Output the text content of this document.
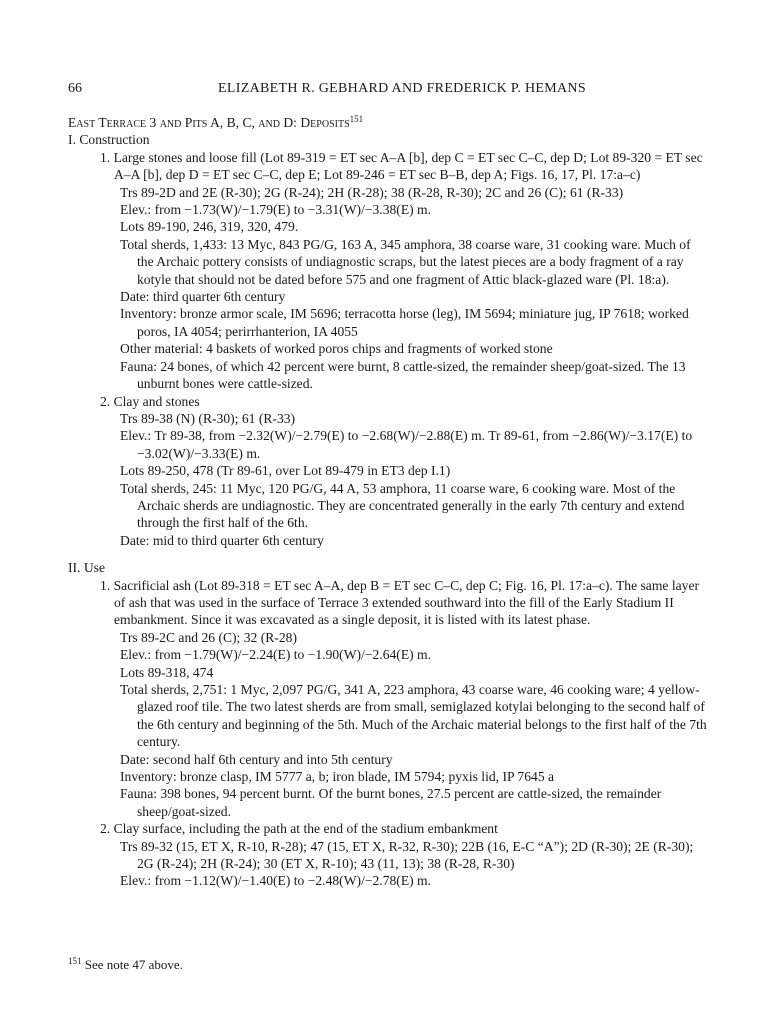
66	ELIZABETH R. GEBHARD AND FREDERICK P. HEMANS

East Terrace 3 and Pits A, B, C, and D: Deposits$^{151}$

I. Construction

1. Large stones and loose fill (Lot 89-319 = ET sec A–A [b], dep C = ET sec C–C, dep D; Lot 89-320 = ET sec A–A [b], dep D = ET sec C–C, dep E; Lot 89-246 = ET sec B–B, dep A; Figs. 16, 17, Pl. 17:a–c)

Trs 89-2D and 2E (R-30); 2G (R-24); 2H (R-28); 38 (R-28, R-30); 2C and 26 (C); 61 (R-33)

Elev.: from −1.73(W)/−1.79(E) to −3.31(W)/−3.38(E) m.

Lots 89-190, 246, 319, 320, 479.

Total sherds, 1,433: 13 Myc, 843 PG/G, 163 A, 345 amphora, 38 coarse ware, 31 cooking ware. Much of the Archaic pottery consists of undiagnostic scraps, but the latest pieces are a body fragment of a ray kotyle that should not be dated before 575 and one fragment of Attic black-glazed ware (Pl. 18:a).

Date: third quarter 6th century

Inventory: bronze armor scale, IM 5696; terracotta horse (leg), IM 5694; miniature jug, IP 7618; worked poros, IA 4054; perirrhanterion, IA 4055

Other material: 4 baskets of worked poros chips and fragments of worked stone

Fauna: 24 bones, of which 42 percent were burnt, 8 cattle-sized, the remainder sheep/goat-sized. The 13 unburnt bones were cattle-sized.

2. Clay and stones

Trs 89-38 (N) (R-30); 61 (R-33)

Elev.: Tr 89-38, from −2.32(W)/−2.79(E) to −2.68(W)/−2.88(E) m. Tr 89-61, from −2.86(W)/−3.17(E) to −3.02(W)/−3.33(E) m.

Lots 89-250, 478 (Tr 89-61, over Lot 89-479 in ET3 dep I.1)

Total sherds, 245: 11 Myc, 120 PG/G, 44 A, 53 amphora, 11 coarse ware, 6 cooking ware. Most of the Archaic sherds are undiagnostic. They are concentrated generally in the early 7th century and extend through the first half of the 6th.

Date: mid to third quarter 6th century

II. Use

1. Sacrificial ash (Lot 89-318 = ET sec A–A, dep B = ET sec C–C, dep C; Fig. 16, Pl. 17:a–c). The same layer of ash that was used in the surface of Terrace 3 extended southward into the fill of the Early Stadium II embankment. Since it was excavated as a single deposit, it is listed with its latest phase.

Trs 89-2C and 26 (C); 32 (R-28)

Elev.: from −1.79(W)/−2.24(E) to −1.90(W)/−2.64(E) m.

Lots 89-318, 474

Total sherds, 2,751: 1 Myc, 2,097 PG/G, 341 A, 223 amphora, 43 coarse ware, 46 cooking ware; 4 yellow-glazed roof tile. The two latest sherds are from small, semiglazed kotylai belonging to the second half of the 6th century and beginning of the 5th. Much of the Archaic material belongs to the first half of the 7th century.

Date: second half 6th century and into 5th century

Inventory: bronze clasp, IM 5777 a, b; iron blade, IM 5794; pyxis lid, IP 7645 a

Fauna: 398 bones, 94 percent burnt. Of the burnt bones, 27.5 percent are cattle-sized, the remainder sheep/goat-sized.

2. Clay surface, including the path at the end of the stadium embankment

Trs 89-32 (15, ET X, R-10, R-28); 47 (15, ET X, R-32, R-30); 22B (16, E-C “A”); 2D (R-30); 2E (R-30); 2G (R-24); 2H (R-24); 30 (ET X, R-10); 43 (11, 13); 38 (R-28, R-30)

Elev.: from −1.12(W)/−1.40(E) to −2.48(W)/−2.78(E) m.

$^{151}$ See note 47 above.
